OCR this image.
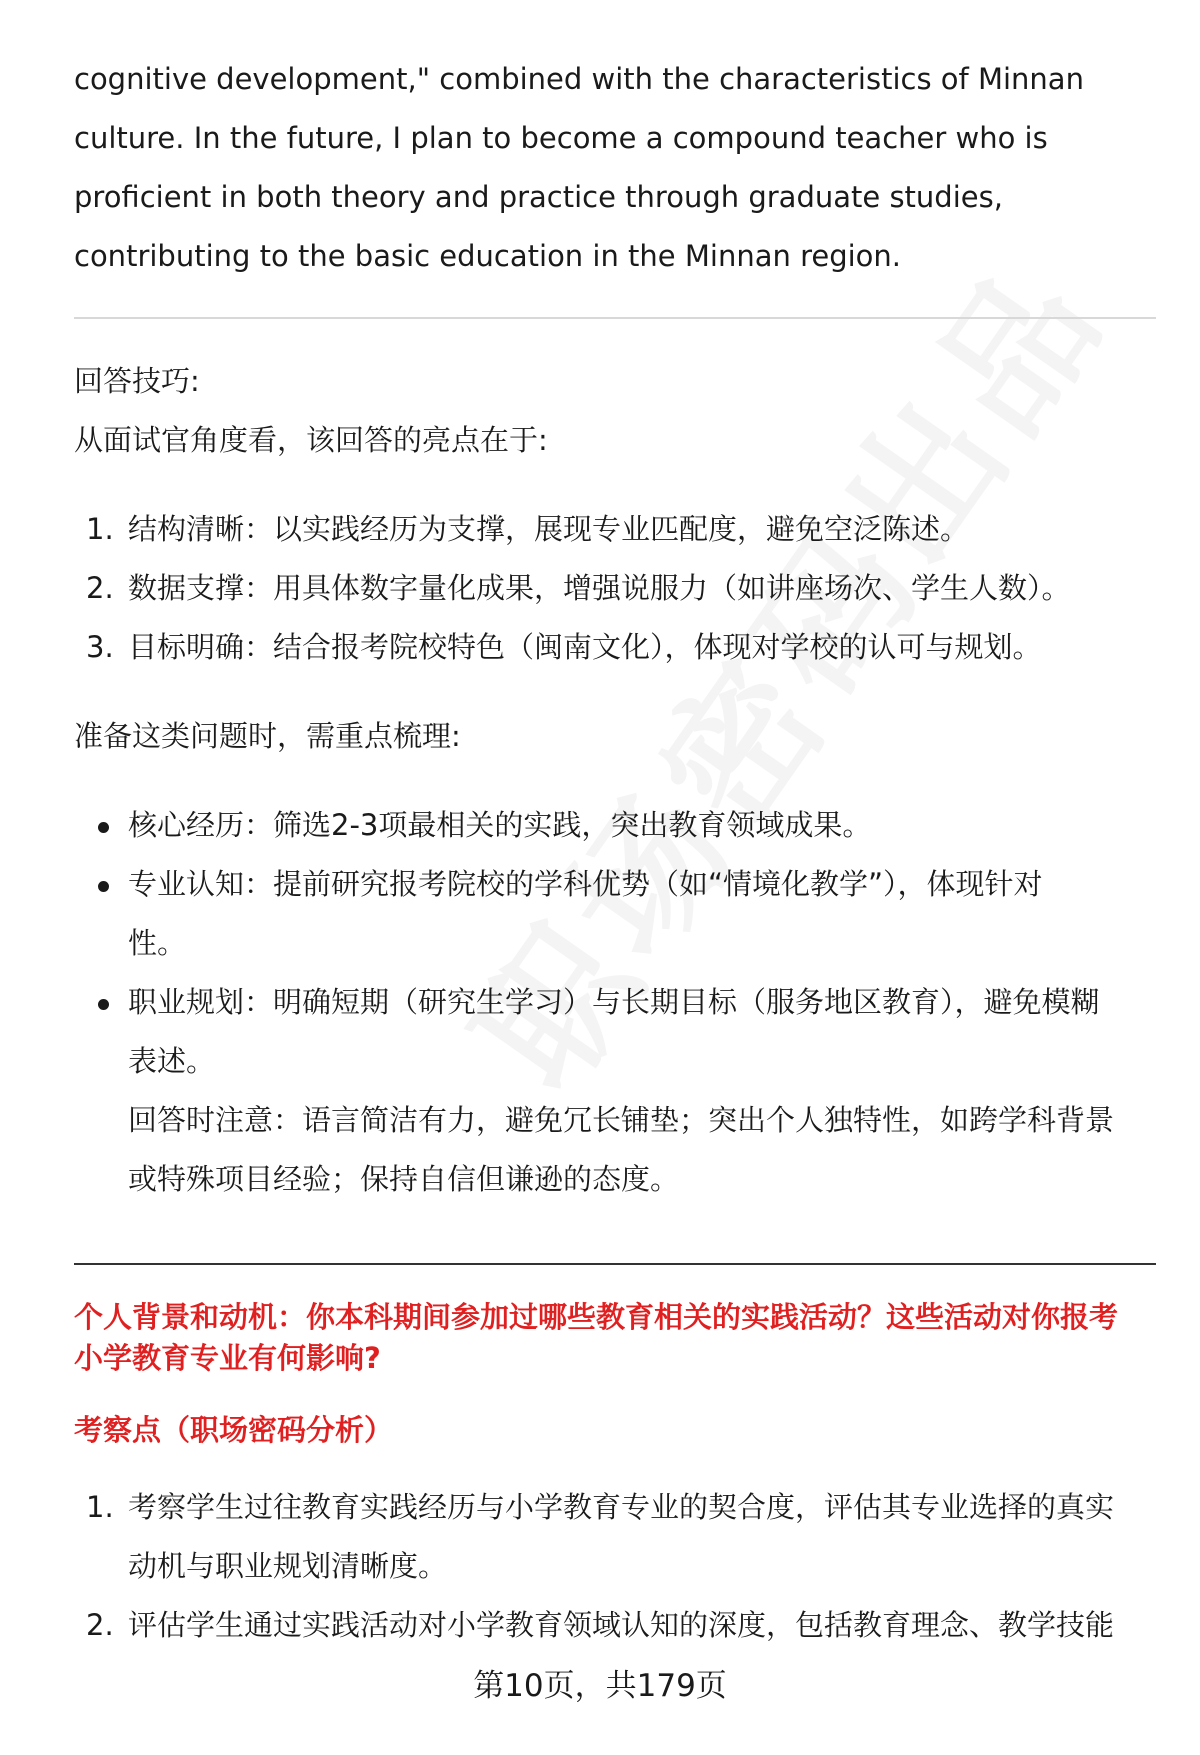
cognitive development," combined with the characteristics of Minnan
culture. In the future, I plan to become a compound teacher who is
proficient in both theory and practice through graduate studies,
contributing to the basic education in the Minnan region.
回答技巧:
从面试官角度看，该回答的亮点在于:
1. 结构清晰：以实践经历为支撑，展现专业匹配度，避免空泛陈述。
2. 数据支撑：用具体数字量化成果，增强说服力（如讲座场次、学生人数）。
3. 目标明确：结合报考院校特色（闽南文化），体现对学校的认可与规划。
准备这类问题时，需重点梳理:
核心经历：筛选2-3项最相关的实践，突出教育领域成果。
专业认知：提前研究报考院校的学科优势（如“情境化教学”），体现针对
性。
职业规划：明确短期（研究生学习）与长期目标（服务地区教育），避免模糊
表述。
回答时注意：语言简洁有力，避免冗长铺垫；突出个人独特性，如跨学科背景
或特殊项目经验；保持自信但谦逊的态度。
个人背景和动机：你本科期间参加过哪些教育相关的实践活动？这些活动对你报考
小学教育专业有何影响?
考察点（职场密码分析）
1. 考察学生过往教育实践经历与小学教育专业的契合度，评估其专业选择的真实
动机与职业规划清晰度。
2. 评估学生通过实践活动对小学教育领域认知的深度，包括教育理念、教学技能
第10页，共179页
